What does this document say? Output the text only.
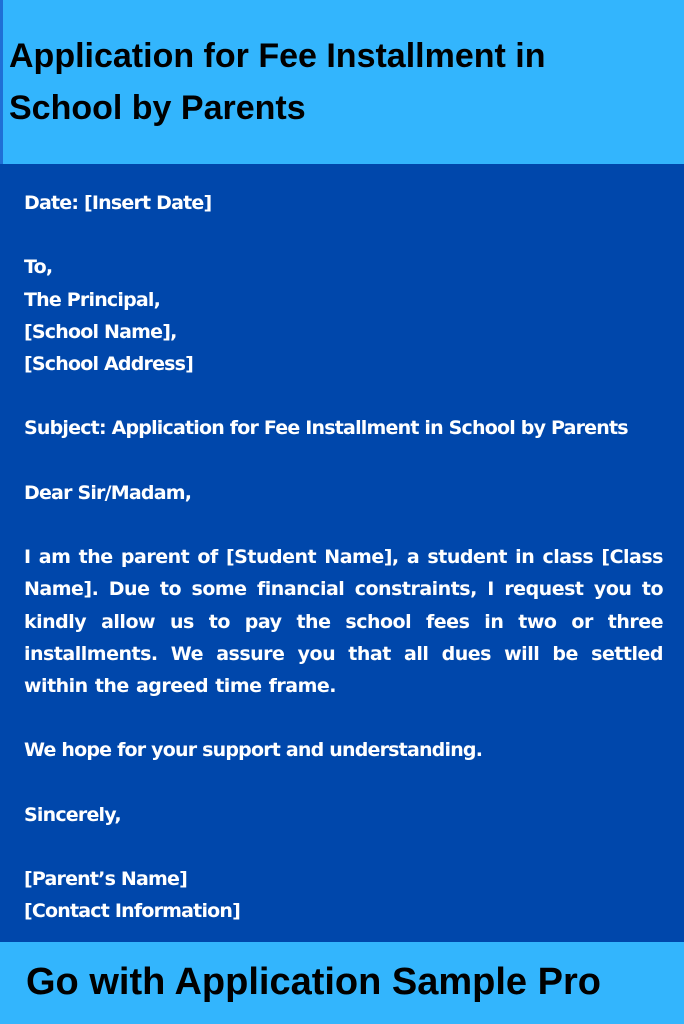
Application for Fee Installment in
School by Parents
Date: [Insert Date]
To,
The Principal,
[School Name],
[School Address]
Subject: Application for Fee Installment in School by Parents
Dear Sir/Madam,
I am the parent of [Student Name], a student in class [Class Name]. Due to some financial constraints, I request you to kindly allow us to pay the school fees in two or three installments. We assure you that all dues will be settled within the agreed time frame.
We hope for your support and understanding.
Sincerely,
[Parent’s Name]
[Contact Information]
Go with Application Sample Pro
